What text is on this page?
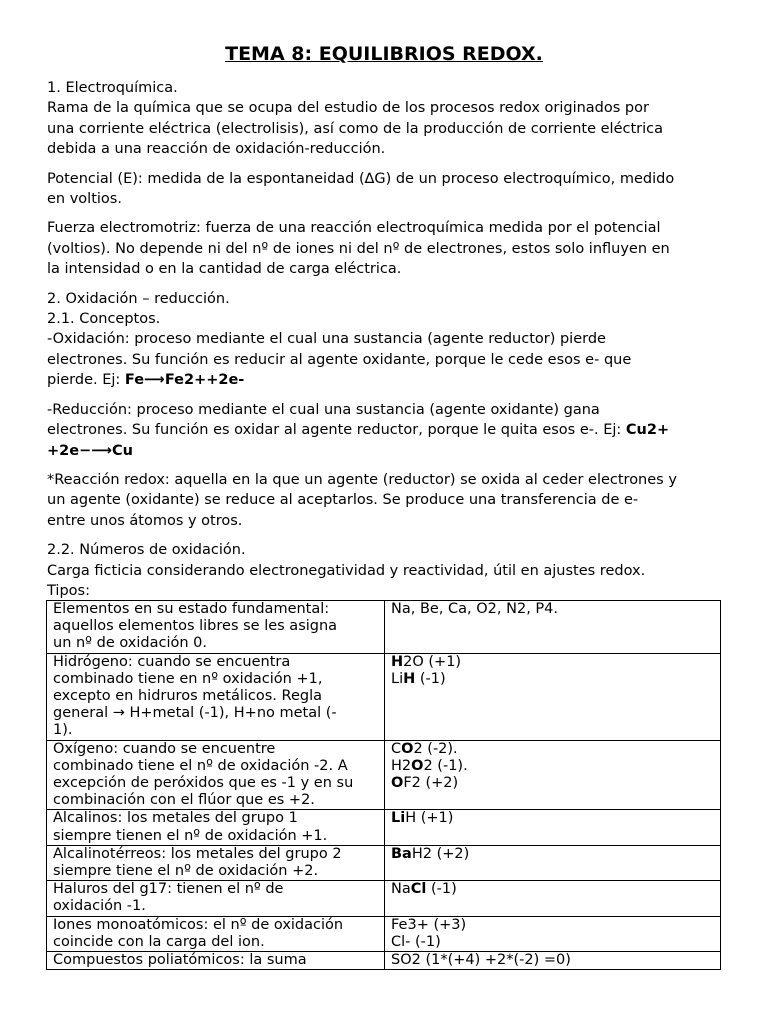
TEMA 8: EQUILIBRIOS REDOX.
1. Electroquímica.
Rama de la química que se ocupa del estudio de los procesos redox originados por
una corriente eléctrica (electrolisis), así como de la producción de corriente eléctrica
debida a una reacción de oxidación-reducción.
Potencial (E): medida de la espontaneidad (∆G) de un proceso electroquímico, medido
en voltios.
Fuerza electromotriz: fuerza de una reacción electroquímica medida por el potencial
(voltios). No depende ni del nº de iones ni del nº de electrones, estos solo influyen en
la intensidad o en la cantidad de carga eléctrica.
2. Oxidación – reducción.
2.1. Conceptos.
-Oxidación: proceso mediante el cual una sustancia (agente reductor) pierde
electrones. Su función es reducir al agente oxidante, porque le cede esos e- que
pierde. Ej: Fe⟶Fe2++2e-
-Reducción: proceso mediante el cual una sustancia (agente oxidante) gana
electrones. Su función es oxidar al agente reductor, porque le quita esos e-. Ej: Cu2+
+2e−⟶Cu
*Reacción redox: aquella en la que un agente (reductor) se oxida al ceder electrones y
un agente (oxidante) se reduce al aceptarlos. Se produce una transferencia de e-
entre unos átomos y otros.
2.2. Números de oxidación.
Carga ficticia considerando electronegatividad y reactividad, útil en ajustes redox.
Tipos:
Elementos en su estado fundamental:
aquellos elementos libres se les asigna
un nº de oxidación 0.	Na, Be, Ca, O2, N2, P4.

Hidrógeno: cuando se encuentra
combinado tiene en nº oxidación +1,
excepto en hidruros metálicos. Regla
general → H+metal (-1), H+no metal (-
1).	H2O (+1)
LiH (-1)

Oxígeno: cuando se encuentre
combinado tiene el nº de oxidación -2. A
excepción de peróxidos que es -1 y en su
combinación con el flúor que es +2.	CO2 (-2).
H2O2 (-1).
OF2 (+2)

Alcalinos: los metales del grupo 1
siempre tienen el nº de oxidación +1.	LiH (+1)

Alcalinotérreos: los metales del grupo 2
siempre tiene el nº de oxidación +2.	BaH2 (+2)

Haluros del g17: tienen el nº de
oxidación -1.	NaCl (-1)

Iones monoatómicos: el nº de oxidación
coincide con la carga del ion.	Fe3+ (+3)
Cl- (-1)

Compuestos poliatómicos: la suma	SO2 (1*(+4) +2*(-2) =0)
